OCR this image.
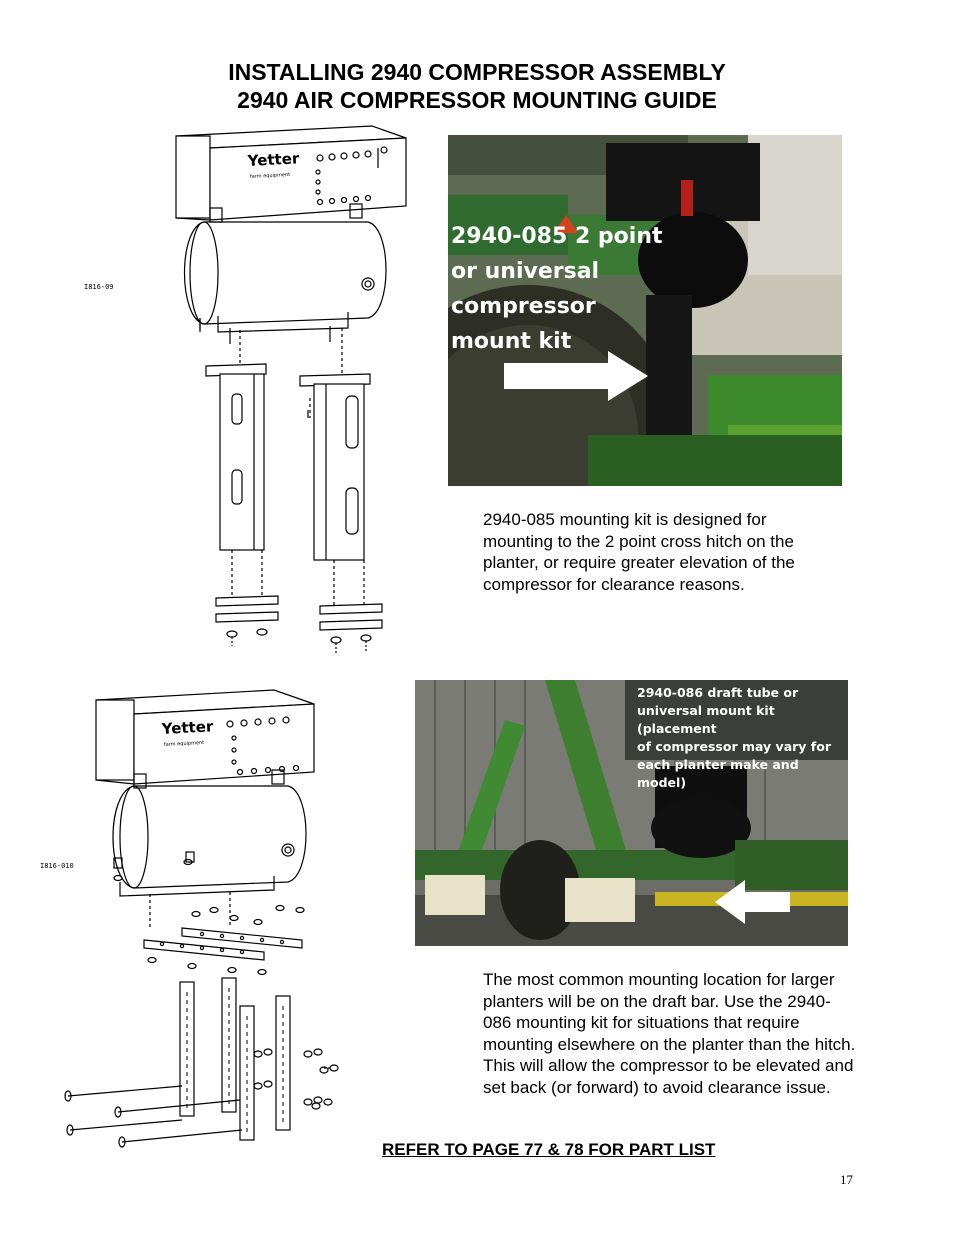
INSTALLING 2940 COMPRESSOR ASSEMBLY
2940 AIR COMPRESSOR MOUNTING GUIDE
I816-09
Yetter
farm equipment
2940-085 2 point
or universal
compressor
mount kit
2940-085 mounting kit is designed for mounting to the 2 point cross hitch on the planter, or require greater elevation of the compressor for clearance reasons.
I816-010
Yetter
farm equipment
2940-086 draft tube or
universal mount kit (placement
of compressor may vary for
each planter make and model)
The most common mounting location for larger planters will be on the draft bar. Use the 2940-086 mounting kit for situations that require mounting elsewhere on the planter than the hitch. This will allow the compressor to be elevated and set back (or forward) to avoid clearance issue.
REFER TO PAGE 77 & 78 FOR PART LIST
17
